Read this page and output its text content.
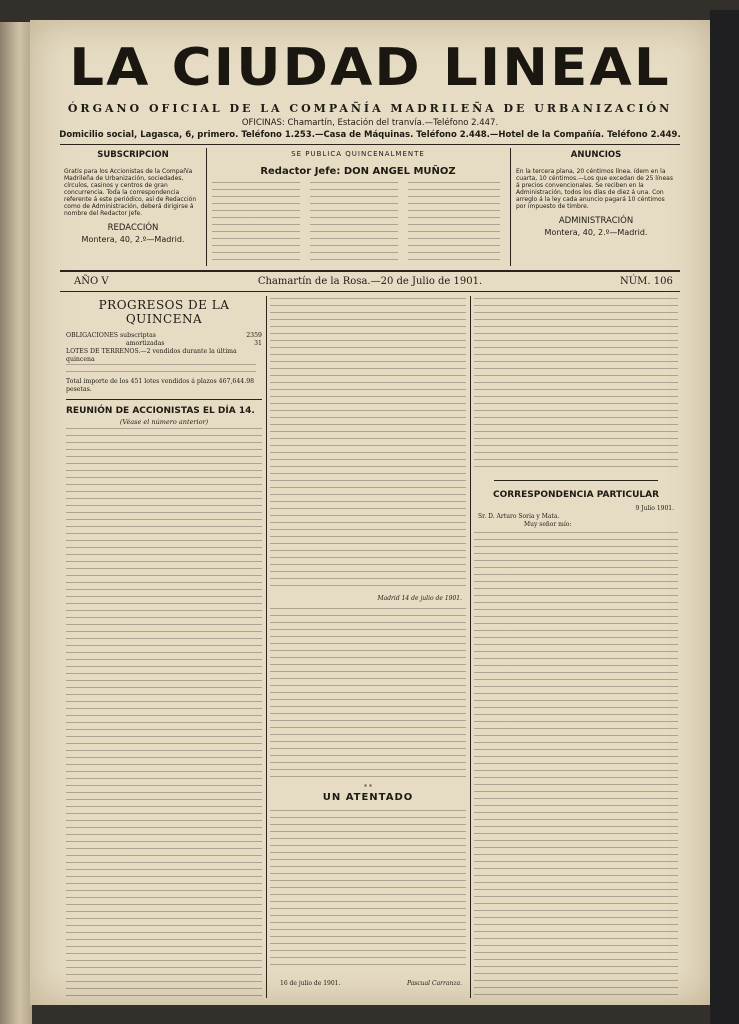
LA CIUDAD LINEAL
ÓRGANO OFICIAL DE LA COMPAÑÍA MADRILEÑA DE URBANIZACIÓN
OFICINAS: Chamartín, Estación del tranvía.—Teléfono 2.447.
Domicilio social, Lagasca, 6, primero. Teléfono 1.253.—Casa de Máquinas. Teléfono 2.448.—Hotel de la Compañía. Teléfono 2.449.
SUBSCRIPCIÓN
Gratis para los Accionistas de la Compañía Madrileña de Urbanización, sociedades, círculos, casinos y centros de gran concurrencia. Toda la correspondencia referente á este periódico, así de Redacción como de Administración, deberá dirigirse á nombre del Redactor Jefe.
REDACCIÓN
Montera, 40, 2.º—Madrid.
SE PUBLICA QUINCENALMENTE
Redactor Jefe: DON ANGEL MUÑOZ
ANUNCIOS
En la tercera plana, 20 céntimos línea. ídem en la cuarta, 10 céntimos.—Los que excedan de 25 líneas á precios convencionales. Se reciben en la Administración, todos los días de diez á una. Con arreglo á la ley cada anuncio pagará 10 céntimos por impuesto de timbre.
ADMINISTRACIÓN
Montera, 40, 2.º—Madrid.
AÑO V	Chamartín de la Rosa.—20 de Julio de 1901.	NÚM. 106
PROGRESOS DE LA QUINCENA
OBLIGACIONES subscriptas	2359
amortizadas	31
LOTES DE TERRENOS.—2 vendidos durante la última quincena
Total importe de los 451 lotes vendidos á plazos 467,644.98 pesetas.
REUNIÓN DE ACCIONISTAS EL DÍA 14.
(Véase el número anterior)
Madrid 14 de julio de 1901.
* *
UN ATENTADO
16 de julio de 1901.	Pascual Carranza.
CORRESPONDENCIA PARTICULAR
9 Julio 1901.
Sr. D. Arturo Soria y Mata.
Muy señor mío:
